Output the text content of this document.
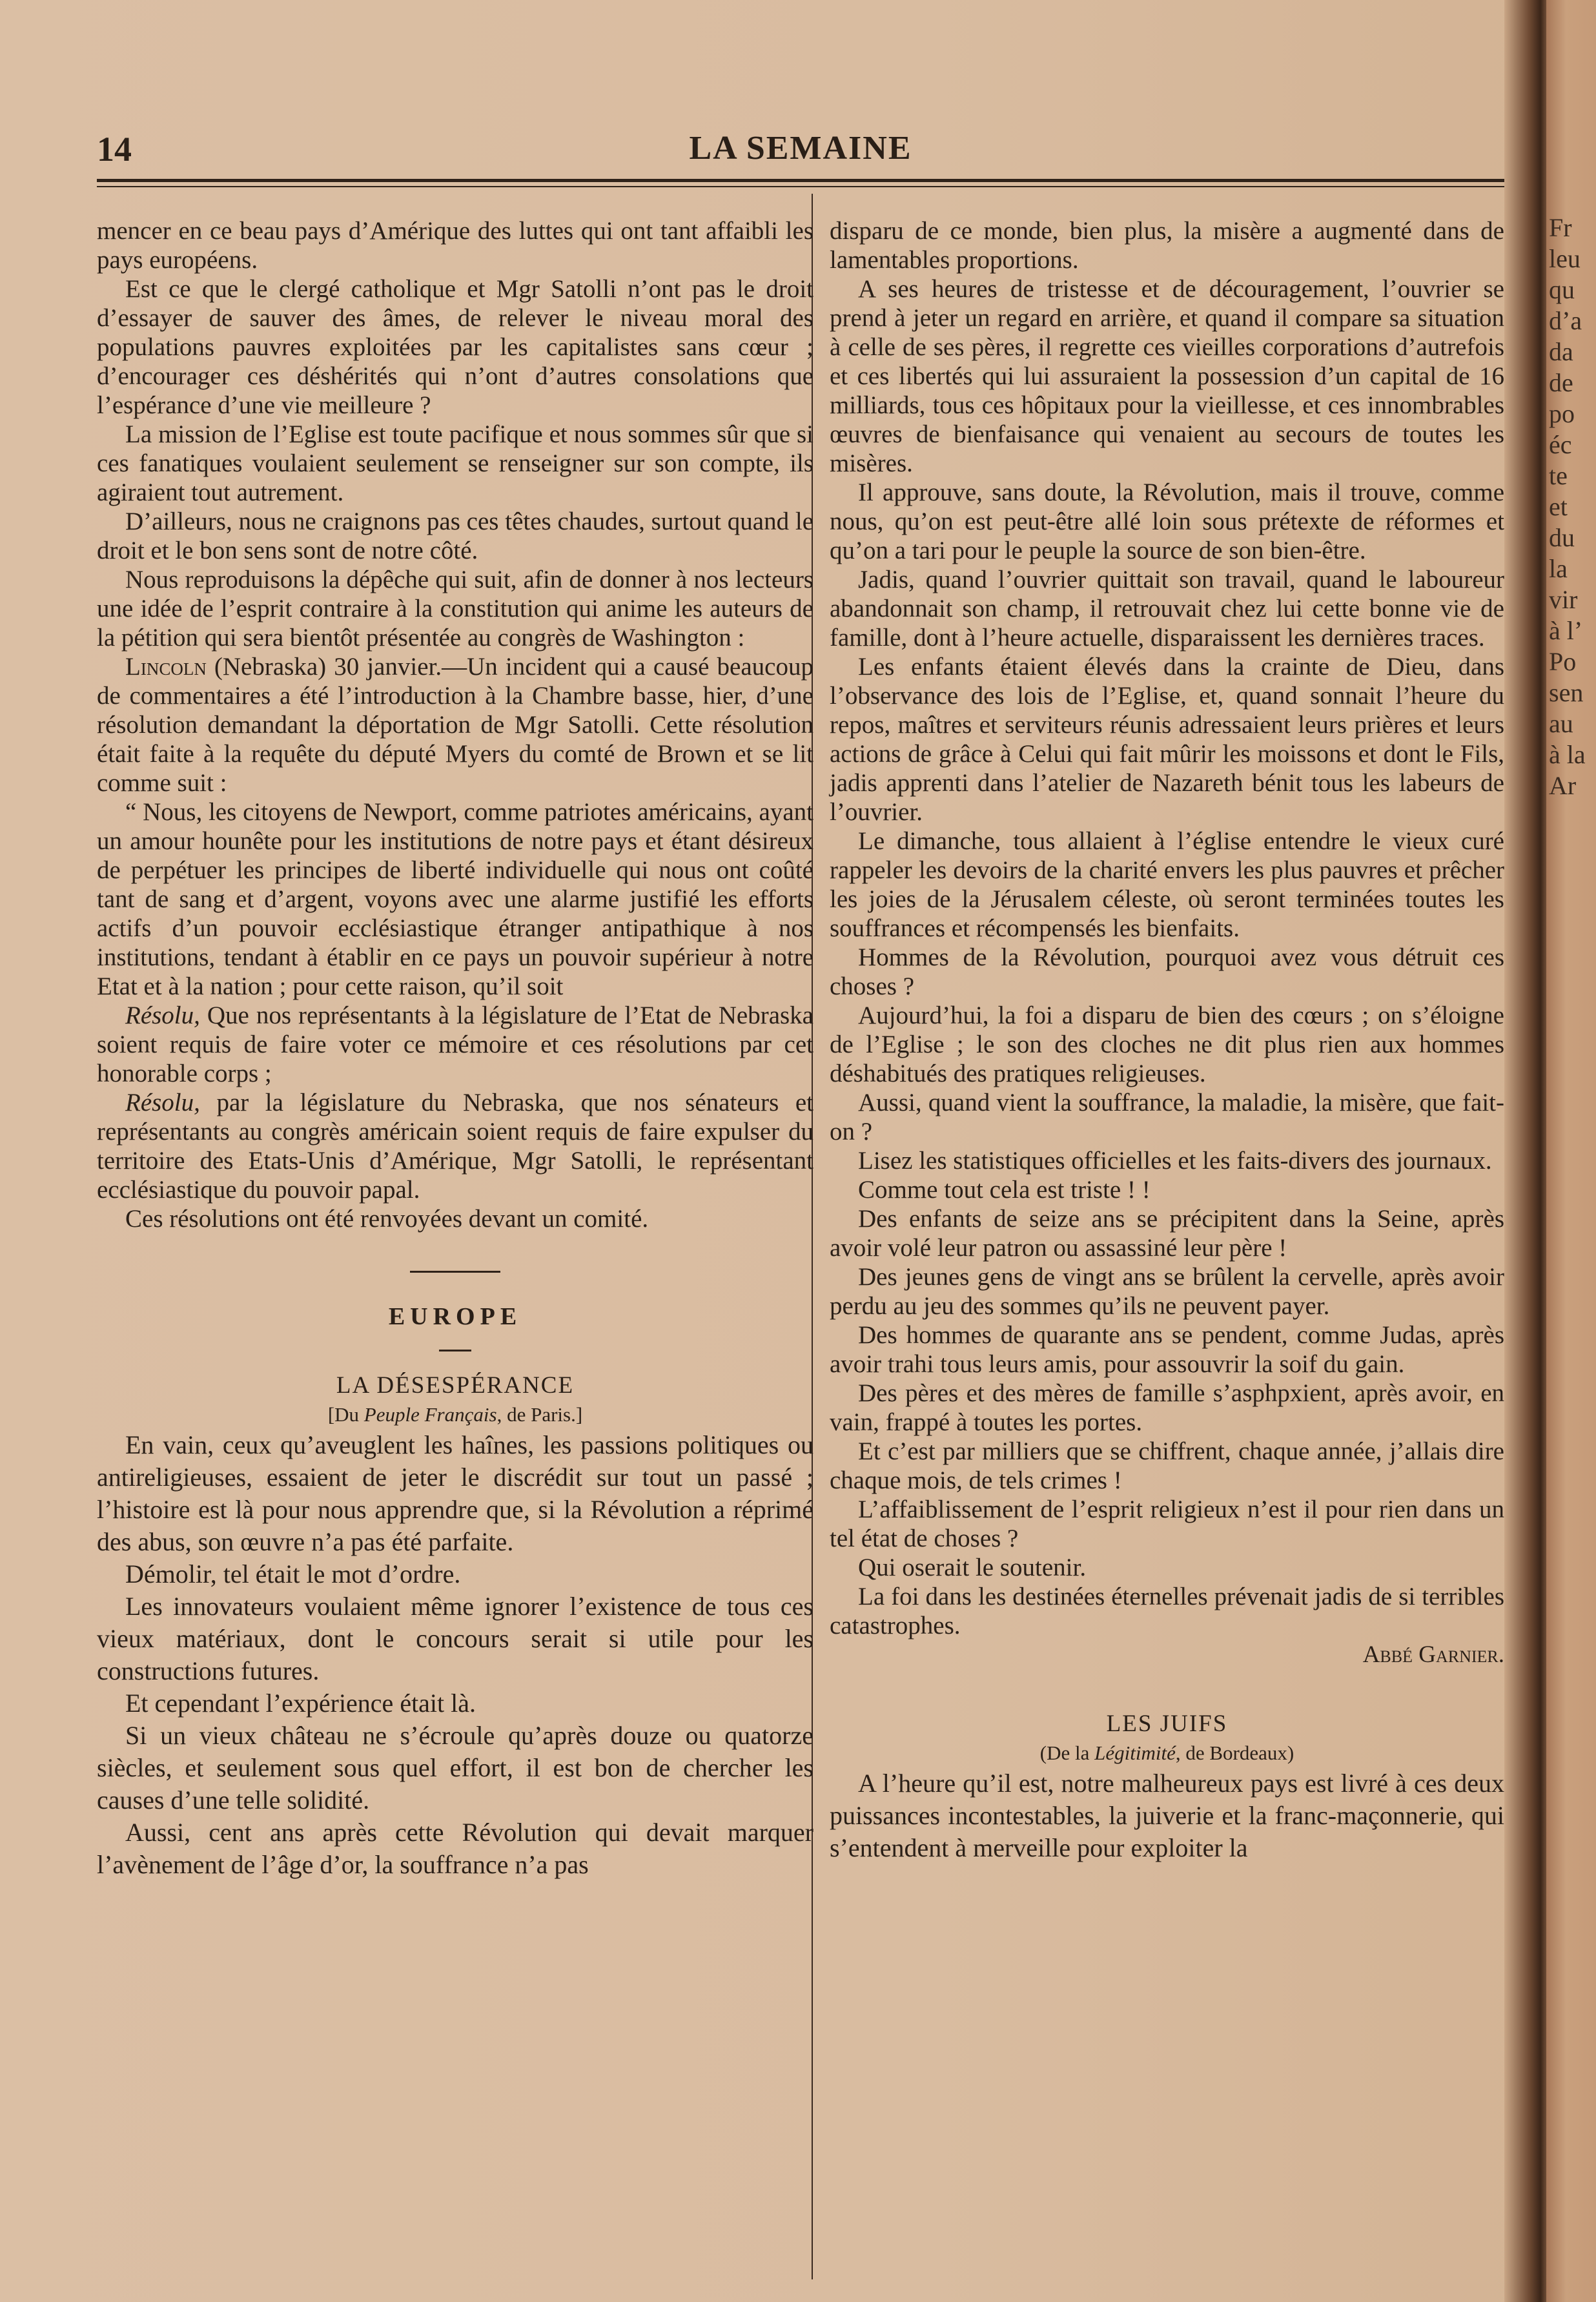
Fr
leu
qu
d’a
da
de
po
éc
te
et
du
la
vir
à l’
Po
sen
au
à la
Ar
14	LA SEMAINE

mencer en ce beau pays d’Amérique des luttes qui ont tant affaibli les pays européens.

Est ce que le clergé catholique et Mgr Satolli n’ont pas le droit d’essayer de sauver des âmes, de relever le niveau moral des populations pauvres exploitées par les capitalistes sans cœur ; d’encourager ces déshérités qui n’ont d’autres consolations que l’espérance d’une vie meilleure ?

La mission de l’Eglise est toute pacifique et nous sommes sûr que si ces fanatiques voulaient seulement se renseigner sur son compte, ils agiraient tout autrement.

D’ailleurs, nous ne craignons pas ces têtes chaudes, surtout quand le droit et le bon sens sont de notre côté.

Nous reproduisons la dépêche qui suit, afin de donner à nos lecteurs une idée de l’esprit contraire à la constitution qui anime les auteurs de la pétition qui sera bientôt présentée au congrès de Washington :

Lincoln (Nebraska) 30 janvier.—Un incident qui a causé beaucoup de commentaires a été l’introduction à la Chambre basse, hier, d’une résolution demandant la déportation de Mgr Satolli. Cette résolution était faite à la requête du député Myers du comté de Brown et se lit comme suit :

“ Nous, les citoyens de Newport, comme patriotes américains, ayant un amour hounête pour les institutions de notre pays et étant désireux de perpétuer les principes de liberté individuelle qui nous ont coûté tant de sang et d’argent, voyons avec une alarme justifié les efforts actifs d’un pouvoir ecclésiastique étranger antipathique à nos institutions, tendant à établir en ce pays un pouvoir supérieur à notre Etat et à la nation ; pour cette raison, qu’il soit

Résolu, Que nos représentants à la législature de l’Etat de Nebraska soient requis de faire voter ce mémoire et ces résolutions par cet honorable corps ;

Résolu, par la législature du Nebraska, que nos sénateurs et représentants au congrès américain soient requis de faire expulser du territoire des Etats-Unis d’Amérique, Mgr Satolli, le représentant ecclésiastique du pouvoir papal.

Ces résolutions ont été renvoyées devant un comité.

EUROPE

LA DÉSESPÉRANCE

[Du Peuple Français, de Paris.]

En vain, ceux qu’aveuglent les haînes, les passions politiques ou antireligieuses, essaient de jeter le discrédit sur tout un passé ; l’histoire est là pour nous apprendre que, si la Révolution a réprimé des abus, son œuvre n’a pas été parfaite.

Démolir, tel était le mot d’ordre.

Les innovateurs voulaient même ignorer l’existence de tous ces vieux matériaux, dont le concours serait si utile pour les constructions futures.

Et cependant l’expérience était là.

Si un vieux château ne s’écroule qu’après douze ou quatorze siècles, et seulement sous quel effort, il est bon de chercher les causes d’une telle solidité.

Aussi, cent ans après cette Révolution qui devait marquer l’avènement de l’âge d’or, la souffrance n’a pas

disparu de ce monde, bien plus, la misère a augmenté dans de lamentables proportions.

A ses heures de tristesse et de découragement, l’ouvrier se prend à jeter un regard en arrière, et quand il compare sa situation à celle de ses pères, il regrette ces vieilles corporations d’autrefois et ces libertés qui lui assuraient la possession d’un capital de 16 milliards, tous ces hôpitaux pour la vieillesse, et ces innombrables œuvres de bienfaisance qui venaient au secours de toutes les misères.

Il approuve, sans doute, la Révolution, mais il trouve, comme nous, qu’on est peut-être allé loin sous prétexte de réformes et qu’on a tari pour le peuple la source de son bien-être.

Jadis, quand l’ouvrier quittait son travail, quand le laboureur abandonnait son champ, il retrouvait chez lui cette bonne vie de famille, dont à l’heure actuelle, disparaissent les dernières traces.

Les enfants étaient élevés dans la crainte de Dieu, dans l’observance des lois de l’Eglise, et, quand sonnait l’heure du repos, maîtres et serviteurs réunis adressaient leurs prières et leurs actions de grâce à Celui qui fait mûrir les moissons et dont le Fils, jadis apprenti dans l’atelier de Nazareth bénit tous les labeurs de l’ouvrier.

Le dimanche, tous allaient à l’église entendre le vieux curé rappeler les devoirs de la charité envers les plus pauvres et prêcher les joies de la Jérusalem céleste, où seront terminées toutes les souffrances et récompensés les bienfaits.

Hommes de la Révolution, pourquoi avez vous détruit ces choses ?

Aujourd’hui, la foi a disparu de bien des cœurs ; on s’éloigne de l’Eglise ; le son des cloches ne dit plus rien aux hommes déshabitués des pratiques religieuses.

Aussi, quand vient la souffrance, la maladie, la misère, que fait-on ?

Lisez les statistiques officielles et les faits-divers des journaux.

Comme tout cela est triste ! !

Des enfants de seize ans se précipitent dans la Seine, après avoir volé leur patron ou assassiné leur père !

Des jeunes gens de vingt ans se brûlent la cervelle, après avoir perdu au jeu des sommes qu’ils ne peuvent payer.

Des hommes de quarante ans se pendent, comme Judas, après avoir trahi tous leurs amis, pour assouvrir la soif du gain.

Des pères et des mères de famille s’asphpxient, après avoir, en vain, frappé à toutes les portes.

Et c’est par milliers que se chiffrent, chaque année, j’allais dire chaque mois, de tels crimes !

L’affaiblissement de l’esprit religieux n’est il pour rien dans un tel état de choses ?

Qui oserait le soutenir.

La foi dans les destinées éternelles prévenait jadis de si terribles catastrophes.

Abbé Garnier.

LES JUIFS

(De la Légitimité, de Bordeaux)

A l’heure qu’il est, notre malheureux pays est livré à ces deux puissances incontestables, la juiverie et la franc-maçonnerie, qui s’entendent à merveille pour exploiter la
